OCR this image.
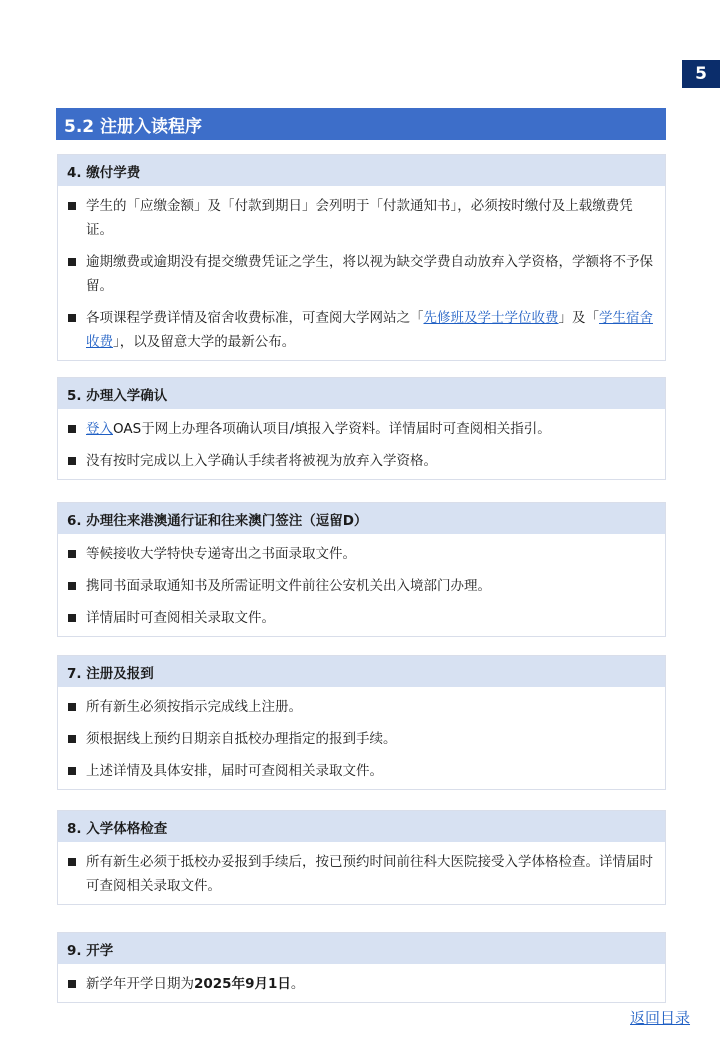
5
5.2 注册入读程序
4. 缴付学费
学生的「应缴金额」及「付款到期日」会列明于「付款通知书」，必须按时缴付及上载缴费凭证。
逾期缴费或逾期没有提交缴费凭证之学生，将以视为缺交学费自动放弃入学资格，学额将不予保留。
各项课程学费详情及宿舍收费标准，可查阅大学网站之「先修班及学士学位收费」及「学生宿舍收费」，以及留意大学的最新公布。
5. 办理入学确认
登入OAS于网上办理各项确认项目/填报入学资料。详情届时可查阅相关指引。
没有按时完成以上入学确认手续者将被视为放弃入学资格。
6. 办理往来港澳通行证和往来澳门签注（逗留D）
等候接收大学特快专递寄出之书面录取文件。
携同书面录取通知书及所需证明文件前往公安机关出入境部门办理。
详情届时可查阅相关录取文件。
7. 注册及报到
所有新生必须按指示完成线上注册。
须根据线上预约日期亲自抵校办理指定的报到手续。
上述详情及具体安排，届时可查阅相关录取文件。
8. 入学体格检查
所有新生必须于抵校办妥报到手续后，按已预约时间前往科大医院接受入学体格检查。详情届时可查阅相关录取文件。
9. 开学
新学年开学日期为2025年9月1日。
返回目录
